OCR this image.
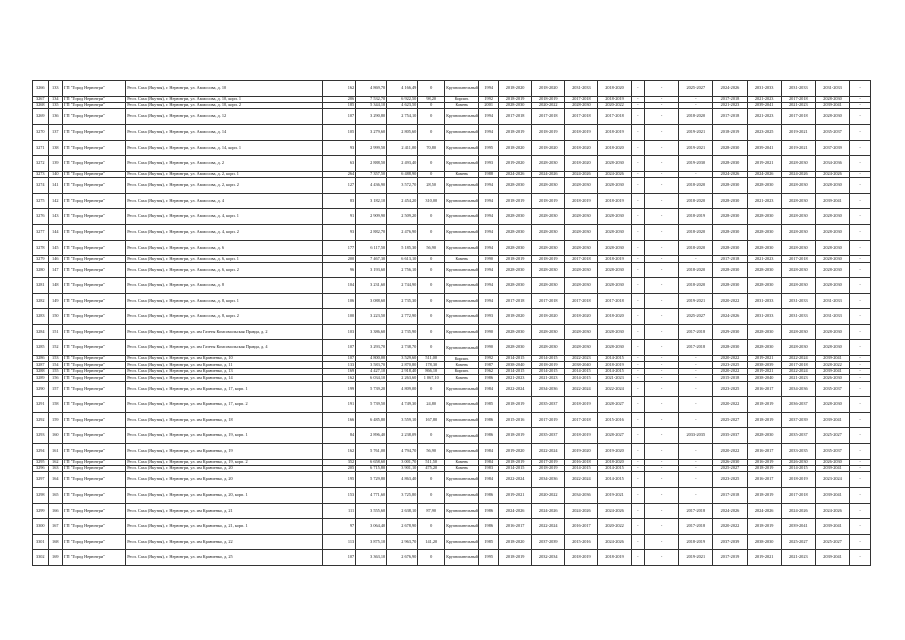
3266	133	ГП "Город Нерюнгри"	Респ. Саха (Якутия), г. Нерюнгри, ул. Аммосова, д. 10	162	4 869,70	4 166,49	0	Крупнопанельный	1994	2018-2020	2018-2020	2031-2033	2018-2020	-	-	2025-2027	2024-2026	2031-2033	2031-2033	2031-2033	-
3267	134	ГП "Город Нерюнгри"	Респ. Саха (Якутия), г. Нерюнгри, ул. Аммосова, д. 10, корп. 1	286	7 532,70	6 922,50	98,20	Кирпич.	1992	2018-2019	2018-2019	2017-2018	2018-2019	-	-	-	2017-2018	2021-2023	2017-2018	2028-2030	-
3268	135	ГП "Город Нерюнгри"	Респ. Саха (Якутия), г. Нерюнгри, ул. Аммосова, д. 10, корп. 2	185	5 344,10	4 623,50	0	Камень	2001	2028-2030	2020-2022	2028-2030	2020-2022	-	-	-	2021-2023	2039-2041	2021-2023	2039-2041	-
3269	136	ГП "Город Нерюнгри"	Респ. Саха (Якутия), г. Нерюнгри, ул. Аммосова, д. 12	107	3 290,80	2 754,10	0	Крупнопанельный	1994	2017-2018	2017-2018	2017-2018	2017-2018	-	-	2018-2020	2017-2018	2021-2023	2017-2018	2028-2030	-
3270	137	ГП "Город Нерюнгри"	Респ. Саха (Якутия), г. Нерюнгри, ул. Аммосова, д. 14	105	3 279,60	2 805,60	0	Крупнопанельный	1994	2018-2019	2018-2019	2018-2019	2018-2019	-	-	2019-2021	2018-2019	2023-2025	2019-2021	2035-2037	-
3271	138	ГП "Город Нерюнгри"	Респ. Саха (Якутия), г. Нерюнгри, ул. Аммосова, д. 14, корп. 1	93	2 999,50	2 411,00	70,80	Крупнопанельный	1995	2018-2020	2018-2020	2018-2020	2018-2020	-	-	2019-2021	2028-2030	2039-2041	2019-2021	2037-2039	-
3272	139	ГП "Город Нерюнгри"	Респ. Саха (Якутия), г. Нерюнгри, ул. Аммосова, д. 2	63	2 888,50	2 493,40	0	Крупнопанельный	1993	2019-2020	2028-2030	2018-2020	2028-2030	-	-	2019-2030	2028-2030	2019-2021	2028-2030	2034-2036	-
3273	140	ГП "Город Нерюнгри"	Респ. Саха (Якутия), г. Нерюнгри, ул. Аммосова, д. 2, корп. 1	264	7 357,50	6 488,90	0	Камень	1988	2024-2026	2024-2026	2024-2026	2024-2026	-	-	-	2024-2026	2024-2026	2024-2026	2024-2026	-
3274	141	ГП "Город Нерюнгри"	Респ. Саха (Якутия), г. Нерюнгри, ул. Аммосова, д. 2, корп. 2	127	4 436,90	3 572,70	28,50	Крупнопанельный	1994	2028-2030	2028-2030	2028-2030	2028-2030	-	-	2018-2020	2028-2030	2028-2030	2028-2030	2028-2030	-
3275	142	ГП "Город Нерюнгри"	Респ. Саха (Якутия), г. Нерюнгри, ул. Аммосова, д. 4	83	3 182,10	2 454,20	310,00	Крупнопанельный	1994	2018-2019	2018-2019	2018-2019	2018-2019	-	-	2018-2020	2028-2030	2021-2023	2028-2030	2039-2041	-
3276	143	ГП "Город Нерюнгри"	Респ. Саха (Якутия), г. Нерюнгри, ул. Аммосова, д. 4, корп. 1	91	2 909,90	2 509,20	0	Крупнопанельный	1994	2028-2030	2028-2030	2028-2030	2028-2030	-	-	2018-2019	2028-2030	2028-2030	2028-2030	2028-2030	-
3277	144	ГП "Город Нерюнгри"	Респ. Саха (Якутия), г. Нерюнгри, ул. Аммосова, д. 4, корп. 2	93	2 882,70	2 476,90	0	Крупнопанельный	1994	2028-2030	2028-2030	2028-2030	2028-2030	-	-	2018-2020	2028-2030	2028-2030	2028-2030	2028-2030	-
3278	145	ГП "Город Нерюнгри"	Респ. Саха (Якутия), г. Нерюнгри, ул. Аммосова, д. 6	177	6 117,50	5 185,30	56,90	Крупнопанельный	1994	2028-2030	2028-2030	2028-2030	2028-2030	-	-	2018-2020	2028-2030	2028-2030	2028-2030	2028-2030	-
3279	146	ГП "Город Нерюнгри"	Респ. Саха (Якутия), г. Нерюнгри, ул. Аммосова, д. 6, корп. 1	200	7 467,30	6 613,10	0	Камень	1990	2018-2019	2018-2019	2017-2018	2018-2019	-	-	-	2017-2018	2021-2023	2017-2018	2028-2030	-
3280	147	ГП "Город Нерюнгри"	Респ. Саха (Якутия), г. Нерюнгри, ул. Аммосова, д. 6, корп. 2	96	3 193,60	2 756,10	0	Крупнопанельный	1994	2028-2030	2028-2030	2028-2030	2028-2030	-	-	2018-2020	2028-2030	2028-2030	2028-2030	2028-2030	-
3281	148	ГП "Город Нерюнгри"	Респ. Саха (Якутия), г. Нерюнгри, ул. Аммосова, д. 8	104	3 231,60	2 744,90	0	Крупнопанельный	1994	2028-2030	2028-2030	2028-2030	2028-2030	-	-	2018-2020	2028-2030	2028-2030	2028-2030	2028-2030	-
3282	149	ГП "Город Нерюнгри"	Респ. Саха (Якутия), г. Нерюнгри, ул. Аммосова, д. 8, корп. 1	106	3 088,60	2 735,30	0	Крупнопанельный	1994	2017-2018	2017-2018	2017-2018	2017-2018	-	-	2019-2021	2020-2022	2031-2033	2031-2033	2031-2033	-
3283	150	ГП "Город Нерюнгри"	Респ. Саха (Якутия), г. Нерюнгри, ул. Аммосова, д. 8, корп. 2	100	3 223,50	2 772,90	0	Крупнопанельный	1993	2018-2020	2018-2020	2018-2020	2018-2020	-	-	2025-2027	2024-2026	2031-2033	2031-2033	2031-2033	-
3284	151	ГП "Город Нерюнгри"	Респ. Саха (Якутия), г. Нерюнгри, ул. им Газеты Комсомольская Правда, д. 2	103	3 386,60	2 735,90	0	Крупнопанельный	1990	2028-2030	2028-2030	2028-2030	2028-2030	-	-	2017-2018	2029-2030	2028-2030	2028-2030	2028-2030	-
3285	152	ГП "Город Нерюнгри"	Респ. Саха (Якутия), г. Нерюнгри, ул. им Газеты Комсомольская Правда, д. 4	107	3 293,70	2 738,70	0	Крупнопанельный	1990	2028-2030	2028-2030	2028-2030	2028-2030	-	-	2017-2018	2028-2030	2028-2030	2028-2030	2028-2030	-
3286	153	ГП "Город Нерюнгри"	Респ. Саха (Якутия), г. Нерюнгри, ул. им Кравченко, д. 10	107	4 800,00	3 529,60	511,00	Кирпич.	1992	2014-2015	2014-2015	2022-2023	2014-2015	-	-	-	2020-2022	2019-2021	2022-2024	2039-2041	-
3287	154	ГП "Город Нерюнгри"	Респ. Саха (Якутия), г. Нерюнгри, ул. им Кравченко, д. 11	133	3 583,70	2 870,80	178,30	Камень	1987	2038-2040	2018-2019	2038-2040	2018-2019	-	-	-	2023-2025	2038-2039	2017-2018	2028-2022	-
3288	155	ГП "Город Нерюнгри"	Респ. Саха (Якутия), г. Нерюнгри, ул. им Кравченко, д. 13	169	4 427,10	2 918,40	866,10	Кирпич.	1962	2014-2015	2014-2015	2014-2015	2014-2015	-	-	-	2020-2022	2019-2021	2022-2024	2039-2041	-
3289	156	ГП "Город Нерюнгри"	Респ. Саха (Якутия), г. Нерюнгри, ул. им Кравченко, д. 14	162	6 034,10	2 263,60	1 067,10	Камень	1986	2021-2023	2021-2023	2014-2015	2021-2023	-	-	-	2015-2018	2038-2040	2021-2023	2026-2030	-
3290	157	ГП "Город Нерюнгри"	Респ. Саха (Якутия), г. Нерюнгри, ул. им Кравченко, д. 17, корп. 1	199	5 739,20	4 809,00	0	Крупнопанельный	1984	2022-2024	2034-2036	2022-2024	2022-2024	-	-	-	2023-2025	2016-2017	2034-2036	2035-2037	-
3291	158	ГП "Город Нерюнгри"	Респ. Саха (Якутия), г. Нерюнгри, ул. им Кравченко, д. 17, корп. 2	191	5 739,50	4 749,30	24,80	Крупнопанельный	1985	2018-2019	2035-2037	2018-2019	2028-2027	-	-	-	2020-2022	2018-2019	2036-2037	2028-2030	-
3292	159	ГП "Город Нерюнгри"	Респ. Саха (Якутия), г. Нерюнгри, ул. им Кравченко, д. 18	166	6 485,80	3 559,10	167,80	Крупнопанельный	1986	2015-2016	2017-2019	2017-2018	2015-2016	-	-	-	2025-2027	2018-2019	2037-2039	2039-2041	-
3293	160	ГП "Город Нерюнгри"	Респ. Саха (Якутия), г. Нерюнгри, ул. им Кравченко, д. 19, корп. 1	84	2 896,40	2 238,09	0	Крупнопанельный	1986	2018-2019	2035-2037	2018-2019	2028-2027	-	-	2033-2035	2035-2037	2028-2030	2035-2037	2025-2027	-
3294	161	ГП "Город Нерюнгри"	Респ. Саха (Якутия), г. Нерюнгри, ул. им Кравченко, д. 19	162	5 761,00	4 794,70	56,90	Крупнопанельный	1984	2019-2020	2022-2024	2019-2020	2019-2020	-	-	-	2020-2022	2016-2017	2033-2035	2035-2037	-
3295	162	ГП "Город Нерюнгри"	Респ. Саха (Якутия), г. Нерюнгри, ул. им Кравченко, д. 19, корп. 2	352	6 658,60	3 001,70	511,50	Камень	1984	2018-2019	2017-2019	2016-2018	2018-2020	-	-	-	2026-2030	2016-2019	2026-2030	2026-2030	-
3296	163	ГП "Город Нерюнгри"	Респ. Саха (Якутия), г. Нерюнгри, ул. им Кравченко, д. 20	205	6 715,80	3 901,10	475,20	Камень	1983	2014-2015	2018-2019	2014-2015	2014-2015	-	-	-	2025-2027	2018-2019	2014-2015	2039-2041	-
3297	164	ГП "Город Нерюнгри"	Респ. Саха (Якутия), г. Нерюнгри, ул. им Кравченко, д. 20	195	5 729,80	4 863,40	0	Крупнопанельный	1984	2022-2024	2034-2036	2022-2024	2014-2015	-	-	-	2023-2025	2016-2017	2018-2019	2023-2024	-
3298	165	ГП "Город Нерюнгри"	Респ. Саха (Якутия), г. Нерюнгри, ул. им Кравченко, д. 20, корп. 1	153	4 771,60	3 725,80	0	Крупнопанельный	1986	2019-2021	2020-2022	2034-2036	2019-2021	-	-	-	2017-2018	2018-2019	2017-2018	2039-2041	-
3299	166	ГП "Город Нерюнгри"	Респ. Саха (Якутия), г. Нерюнгри, ул. им Кравченко, д. 21	111	3 555,60	2 638,10	87,90	Крупнопанельный	1986	2024-2026	2024-2026	2024-2026	2024-2026	-	-	2017-2018	2024-2026	2024-2026	2024-2026	2024-2026	-
3300	167	ГП "Город Нерюнгри"	Респ. Саха (Якутия), г. Нерюнгри, ул. им Кравченко, д. 21, корп. 1	97	3 064,40	2 678,90	0	Крупнопанельный	1986	2016-2017	2022-2024	2016-2017	2020-2022	-	-	2017-2018	2020-2022	2018-2019	2039-2041	2039-2041	-
3301	168	ГП "Город Нерюнгри"	Респ. Саха (Якутия), г. Нерюнгри, ул. им Кравченко, д. 22	113	3 875,10	2 963,70	141,20	Крупнопанельный	1985	2018-2020	2037-2039	2015-2016	2024-2026	-	-	2018-2019	2037-2039	2038-2030	2025-2027	2025-2027	-
3302	169	ГП "Город Нерюнгри"	Респ. Саха (Якутия), г. Нерюнгри, ул. им Кравченко, д. 25	107	3 363,10	2 676,90	0	Крупнопанельный	1995	2018-2019	2032-2034	2018-2019	2018-2019	-	-	2019-2021	2017-2019	2019-2021	2021-2023	2039-2041	-
